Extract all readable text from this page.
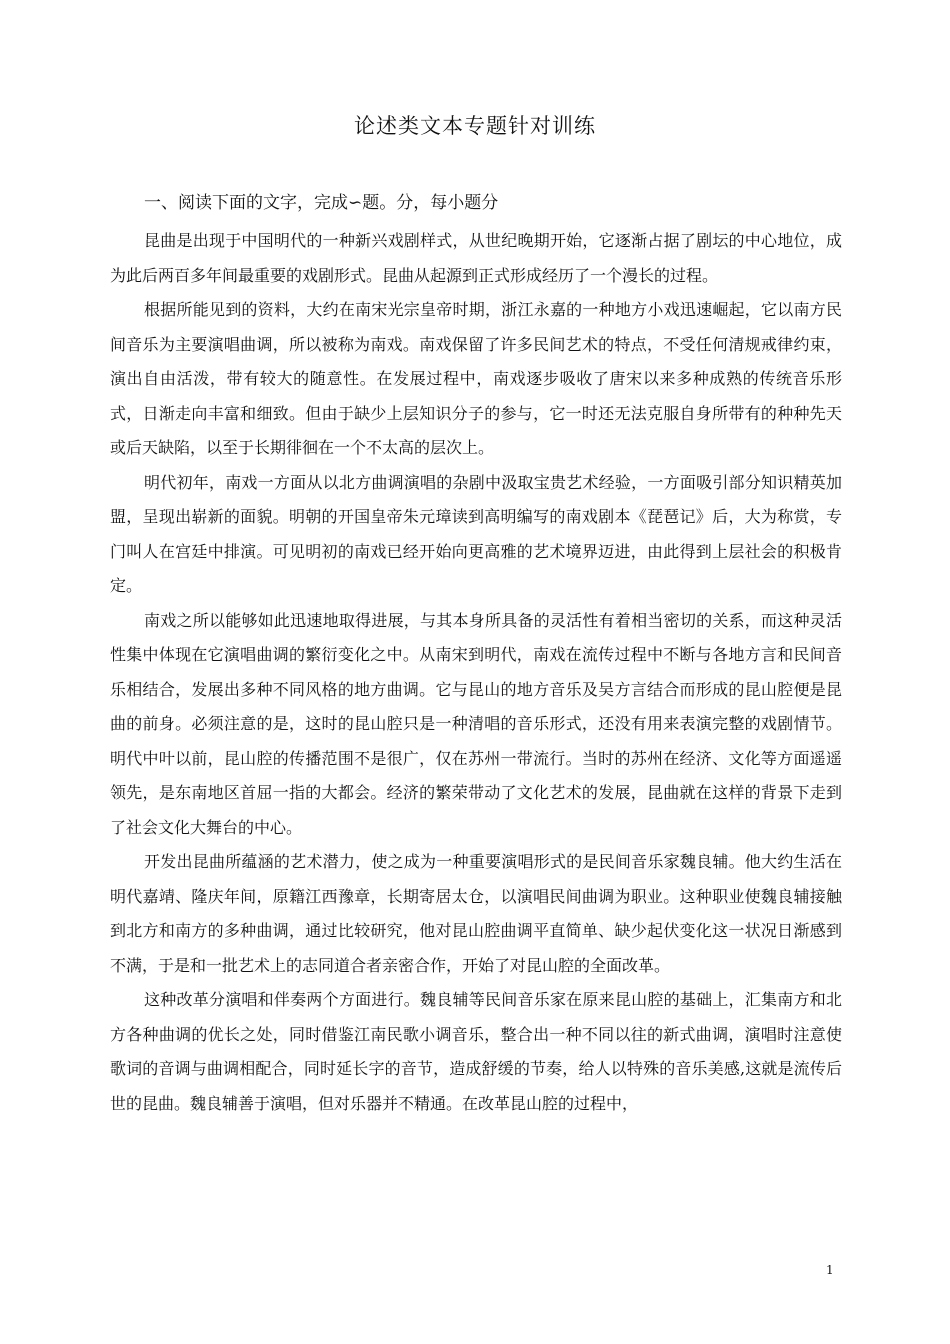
论述类文本专题针对训练
一、阅读下面的文字，完成∽题。分，每小题分

昆曲是出现于中国明代的一种新兴戏剧样式，从世纪晚期开始，它逐渐占据了剧坛的中心地位，成为此后两百多年间最重要的戏剧形式。昆曲从起源到正式形成经历了一个漫长的过程。

根据所能见到的资料，大约在南宋光宗皇帝时期，浙江永嘉的一种地方小戏迅速崛起，它以南方民间音乐为主要演唱曲调，所以被称为南戏。南戏保留了许多民间艺术的特点，不受任何清规戒律约束，演出自由活泼，带有较大的随意性。在发展过程中，南戏逐步吸收了唐宋以来多种成熟的传统音乐形式，日渐走向丰富和细致。但由于缺少上层知识分子的参与，它一时还无法克服自身所带有的种种先天或后天缺陷，以至于长期徘徊在一个不太高的层次上。

明代初年，南戏一方面从以北方曲调演唱的杂剧中汲取宝贵艺术经验，一方面吸引部分知识精英加盟，呈现出崭新的面貌。明朝的开国皇帝朱元璋读到高明编写的南戏剧本《琵琶记》后，大为称赏，专门叫人在宫廷中排演。可见明初的南戏已经开始向更高雅的艺术境界迈进，由此得到上层社会的积极肯定。

南戏之所以能够如此迅速地取得进展，与其本身所具备的灵活性有着相当密切的关系，而这种灵活性集中体现在它演唱曲调的繁衍变化之中。从南宋到明代，南戏在流传过程中不断与各地方言和民间音乐相结合，发展出多种不同风格的地方曲调。它与昆山的地方音乐及吴方言结合而形成的昆山腔便是昆曲的前身。必须注意的是，这时的昆山腔只是一种清唱的音乐形式，还没有用来表演完整的戏剧情节。明代中叶以前，昆山腔的传播范围不是很广，仅在苏州一带流行。当时的苏州在经济、文化等方面遥遥领先，是东南地区首屈一指的大都会。经济的繁荣带动了文化艺术的发展，昆曲就在这样的背景下走到了社会文化大舞台的中心。

开发出昆曲所蕴涵的艺术潜力，使之成为一种重要演唱形式的是民间音乐家魏良辅。他大约生活在明代嘉靖、隆庆年间，原籍江西豫章，长期寄居太仓，以演唱民间曲调为职业。这种职业使魏良辅接触到北方和南方的多种曲调，通过比较研究，他对昆山腔曲调平直简单、缺少起伏变化这一状况日渐感到不满，于是和一批艺术上的志同道合者亲密合作，开始了对昆山腔的全面改革。

这种改革分演唱和伴奏两个方面进行。魏良辅等民间音乐家在原来昆山腔的基础上，汇集南方和北方各种曲调的优长之处，同时借鉴江南民歌小调音乐，整合出一种不同以往的新式曲调，演唱时注意使歌词的音调与曲调相配合，同时延长字的音节，造成舒缓的节奏，给人以特殊的音乐美感,这就是流传后世的昆曲。魏良辅善于演唱，但对乐器并不精通。在改革昆山腔的过程中，

1
